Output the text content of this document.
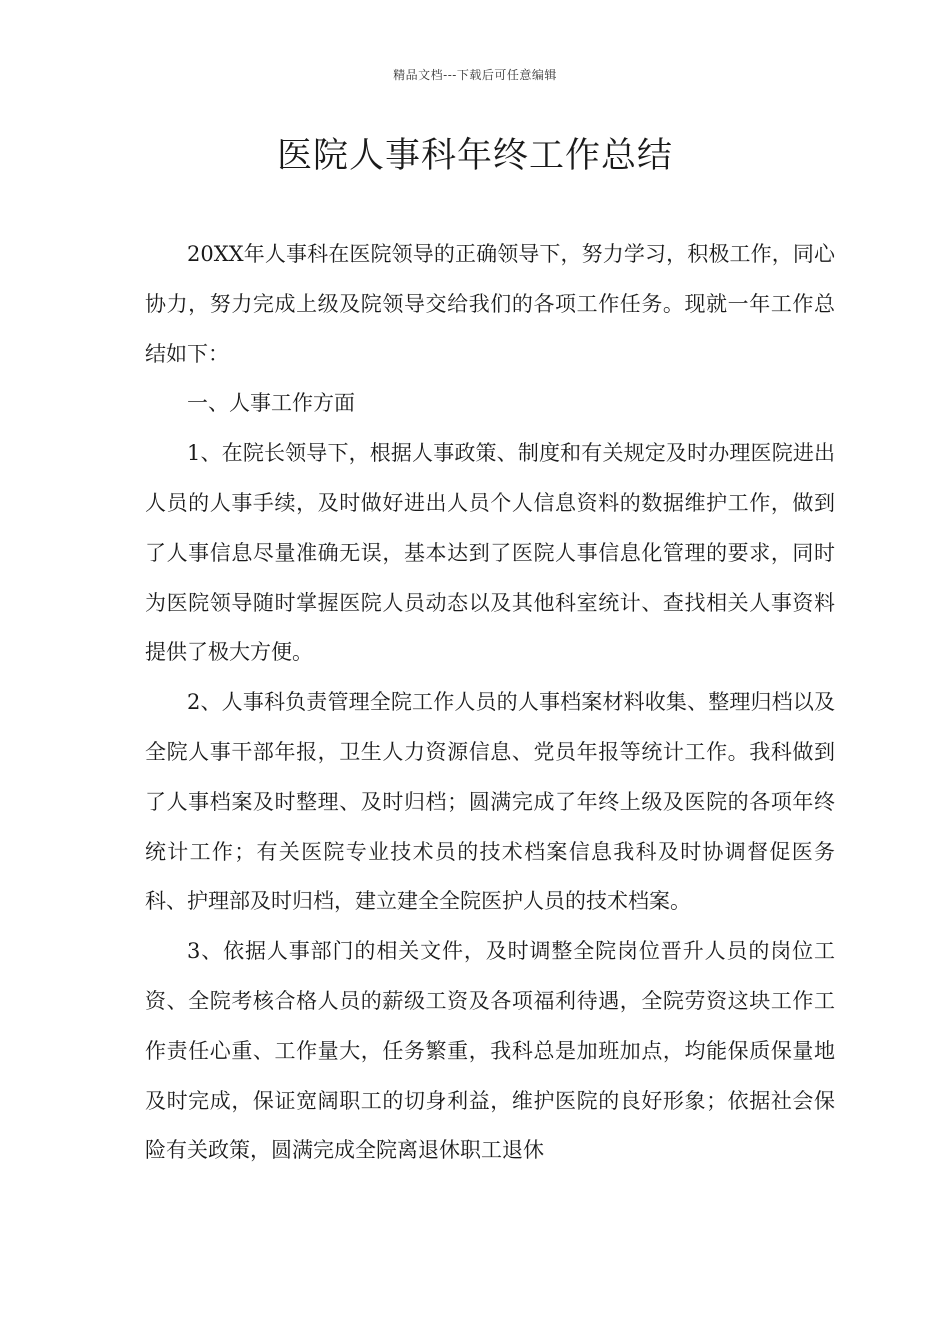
精品文档---下载后可任意编辑
医院人事科年终工作总结

20XX年人事科在医院领导的正确领导下，努力学习，积极工作，同心协力，努力完成上级及院领导交给我们的各项工作任务。现就一年工作总结如下：

一、人事工作方面

1、在院长领导下，根据人事政策、制度和有关规定及时办理医院进出人员的人事手续，及时做好进出人员个人信息资料的数据维护工作，做到了人事信息尽量准确无误，基本达到了医院人事信息化管理的要求，同时为医院领导随时掌握医院人员动态以及其他科室统计、查找相关人事资料提供了极大方便。

2、人事科负责管理全院工作人员的人事档案材料收集、整理归档以及全院人事干部年报，卫生人力资源信息、党员年报等统计工作。我科做到了人事档案及时整理、及时归档；圆满完成了年终上级及医院的各项年终统计工作；有关医院专业技术员的技术档案信息我科及时协调督促医务科、护理部及时归档，建立建全全院医护人员的技术档案。

3、依据人事部门的相关文件，及时调整全院岗位晋升人员的岗位工资、全院考核合格人员的薪级工资及各项福利待遇，全院劳资这块工作工作责任心重、工作量大，任务繁重，我科总是加班加点，均能保质保量地及时完成，保证宽阔职工的切身利益，维护医院的良好形象；依据社会保险有关政策，圆满完成全院离退休职工退休
